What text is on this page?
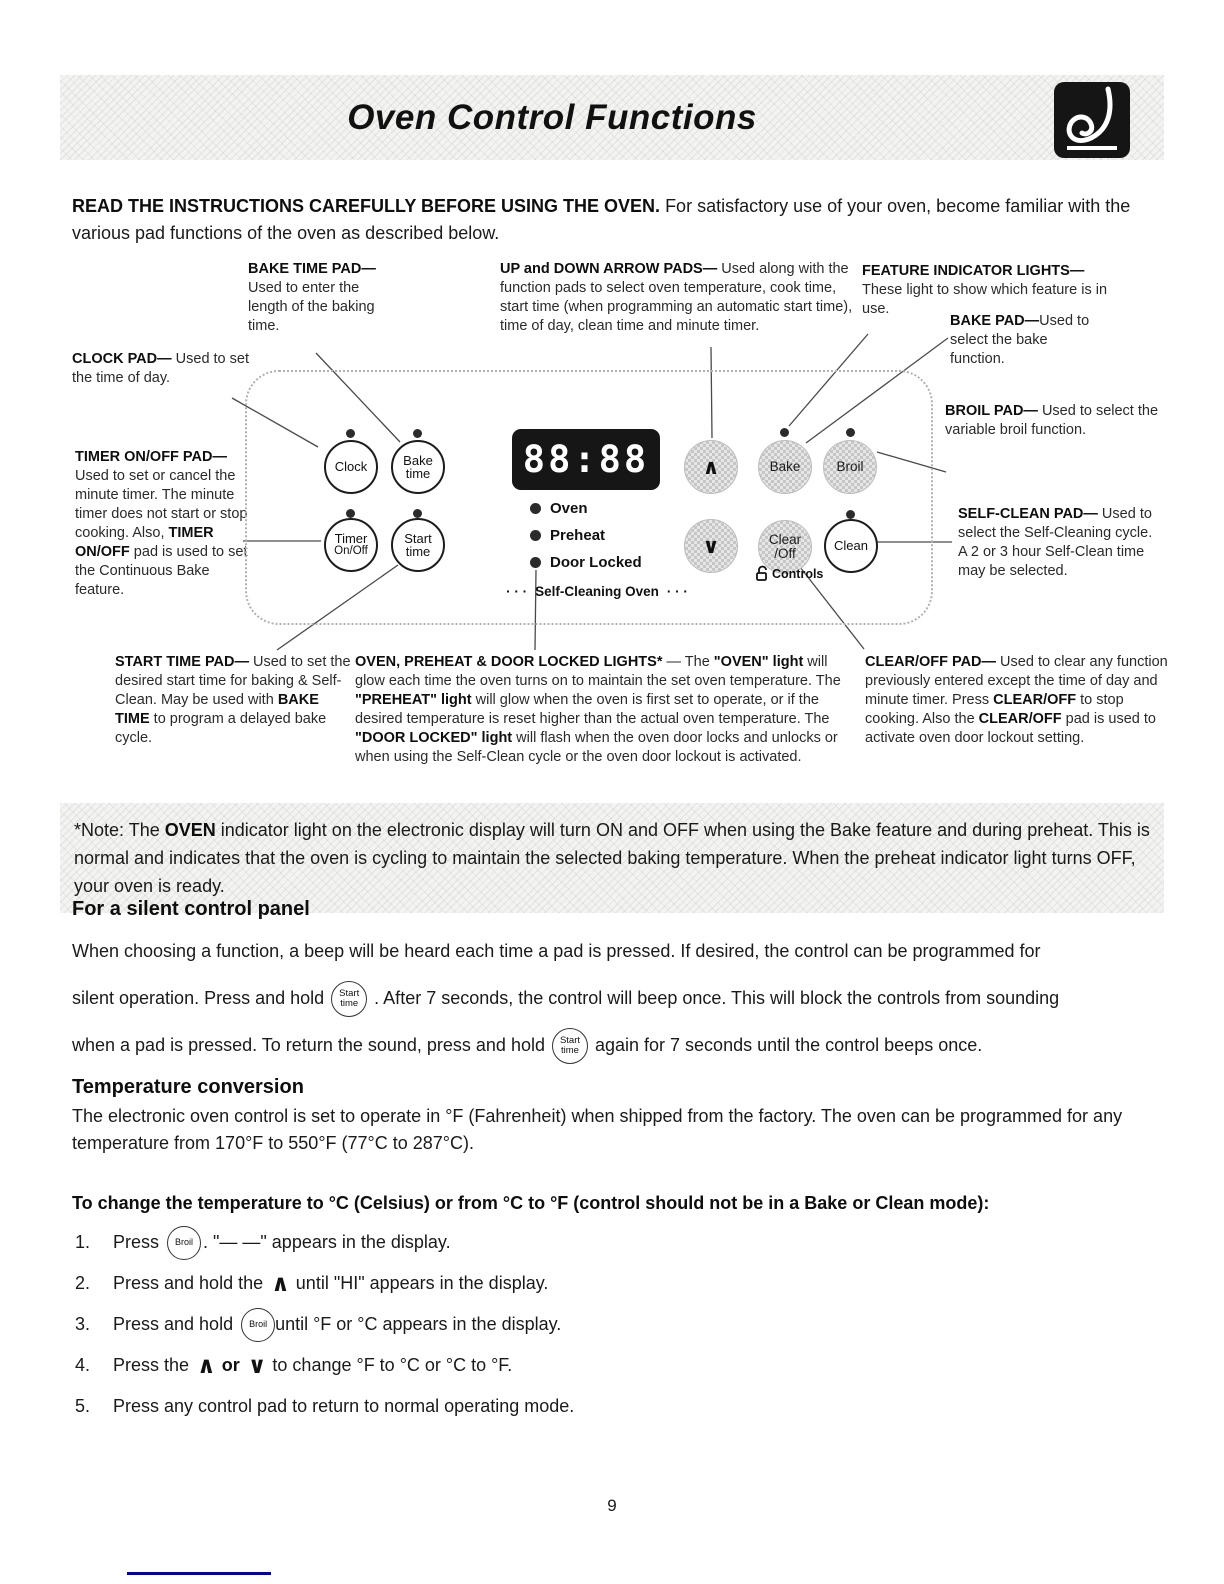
Oven Control Functions
READ THE INSTRUCTIONS CAREFULLY BEFORE USING THE OVEN. For satisfactory use of your oven, become familiar with the various pad functions of the oven as described below.
BAKE TIME PAD— Used to enter the length of the baking time.
UP and DOWN ARROW PADS— Used along with the function pads to select oven temperature, cook time, start time (when programming an automatic start time), time of day, clean time and minute timer.
FEATURE INDICATOR LIGHTS— These light to show which feature is in use.
CLOCK PAD— Used to set the time of day.
BAKE PAD—Used to select the bake function.
BROIL PAD— Used to select the variable broil function.
TIMER ON/OFF PAD— Used to set or cancel the minute timer. The minute timer does not start or stop cooking. Also, TIMER ON/OFF pad is used to set the Continuous Bake feature.
SELF-CLEAN PAD— Used to select the Self-Cleaning cycle. A 2 or 3 hour Self-Clean time may be selected.
START TIME PAD— Used to set the desired start time for baking & Self-Clean. May be used with BAKE TIME to program a delayed bake cycle.
OVEN, PREHEAT & DOOR LOCKED LIGHTS* — The "OVEN" light will glow each time the oven turns on to maintain the set oven temperature. The "PREHEAT" light will glow when the oven is first set to operate, or if the desired temperature is reset higher than the actual oven temperature. The "DOOR LOCKED" light will flash when the oven door locks and unlocks or when using the Self-Clean cycle or the oven door lockout is activated.
CLEAR/OFF PAD— Used to clear any function previously entered except the time of day and minute timer. Press CLEAR/OFF to stop cooking. Also the CLEAR/OFF pad is used to activate oven door lockout setting.
Clock	Bake
time
Timer
On/Off
Start
time
88:88
Oven
Preheat
Door Locked
· · · Self-Cleaning Oven · · ·
∧	Bake	Broil
∨	Clear
/Off
Clean
Controls
*Note: The OVEN indicator light on the electronic display will turn ON and OFF when using the Bake feature and during preheat. This is normal and indicates that the oven is cycling to maintain the selected baking temperature. When the preheat indicator light turns OFF, your oven is ready.
For a silent control panel
When choosing a function, a beep will be heard each time a pad is pressed. If desired, the control can be programmed for
silent operation. Press and hold Start
time . After 7 seconds, the control will beep once. This will block the controls from sounding
when a pad is pressed. To return the sound, press and hold Start
time again for 7 seconds until the control beeps once.
Temperature conversion
The electronic oven control is set to operate in °F (Fahrenheit) when shipped from the factory. The oven can be programmed for any temperature from 170°F to 550°F (77°C to 287°C).
To change the temperature to °C (Celsius) or from °C to °F (control should not be in a Bake or Clean mode):
1.	Press Broil . "— —" appears in the display.
2.	Press and hold the ∧ until "HI" appears in the display.
3.	Press and hold Broil until °F or °C appears in the display.
4.	Press the ∧ or ∨ to change °F to °C or °C to °F.
5.	Press any control pad to return to normal operating mode.
9
